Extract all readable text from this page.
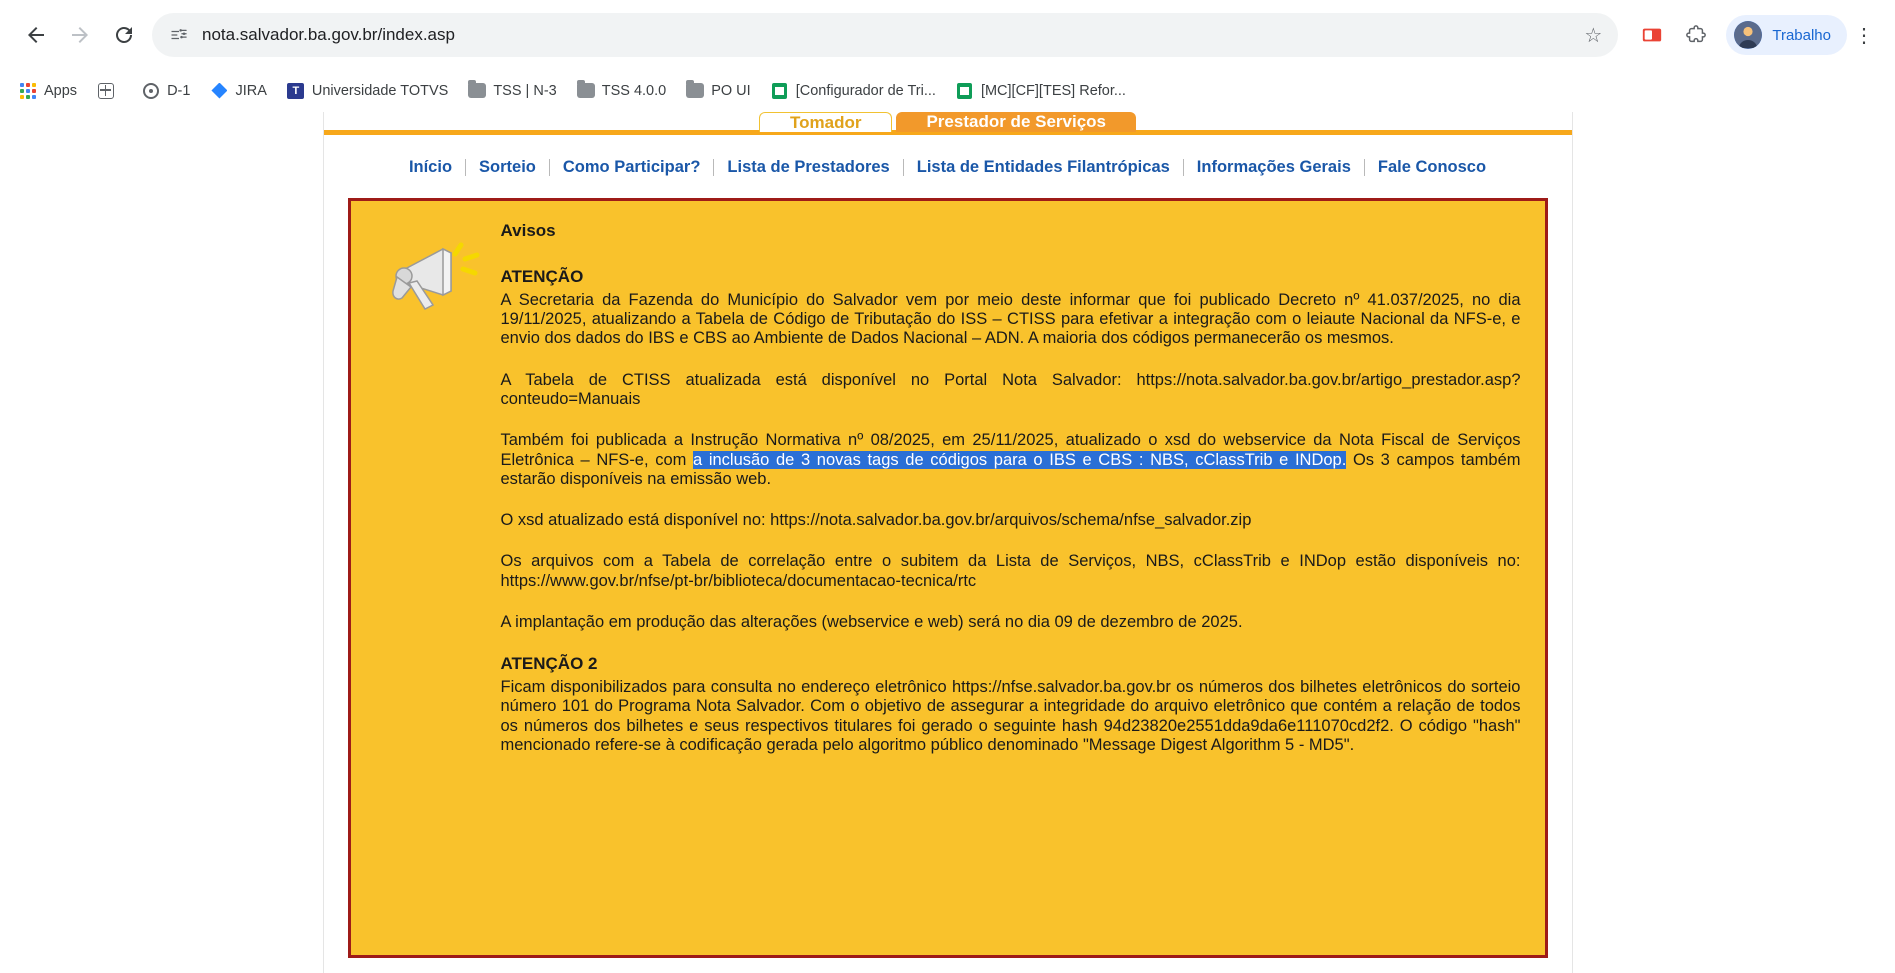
nota.salvador.ba.gov.br/index.asp	☆	Trabalho	⋮
Apps	D-1	JIRA	T Universidade TOTVS	TSS | N-3	TSS 4.0.0	PO UI	[Configurador de Tri...	[MC][CF][TES] Refor...
Tomador	Prestador de Serviços
Início	Sorteio	Como Participar?	Lista de Prestadores	Lista de Entidades Filantrópicas	Informações Gerais	Fale Conosco
Avisos
ATENÇÃO

A Secretaria da Fazenda do Município do Salvador vem por meio deste informar que foi publicado Decreto nº 41.037/2025, no dia 19/11/2025, atualizando a Tabela de Código de Tributação do ISS – CTISS para efetivar a integração com o leiaute Nacional da NFS-e, e envio dos dados do IBS e CBS ao Ambiente de Dados Nacional – ADN. A maioria dos códigos permanecerão os mesmos.

A Tabela de CTISS atualizada está disponível no Portal Nota Salvador: https://nota.salvador.ba.gov.br/artigo_prestador.asp?conteudo=Manuais

Também foi publicada a Instrução Normativa nº 08/2025, em 25/11/2025, atualizado o xsd do webservice da Nota Fiscal de Serviços Eletrônica – NFS-e, com a inclusão de 3 novas tags de códigos para o IBS e CBS : NBS, cClassTrib e INDop. Os 3 campos também estarão disponíveis na emissão web.

O xsd atualizado está disponível no: https://nota.salvador.ba.gov.br/arquivos/schema/nfse_salvador.zip

Os arquivos com a Tabela de correlação entre o subitem da Lista de Serviços, NBS, cClassTrib e INDop estão disponíveis no: https://www.gov.br/nfse/pt-br/biblioteca/documentacao-tecnica/rtc

A implantação em produção das alterações (webservice e web) será no dia 09 de dezembro de 2025.

ATENÇÃO 2

Ficam disponibilizados para consulta no endereço eletrônico https://nfse.salvador.ba.gov.br os números dos bilhetes eletrônicos do sorteio número 101 do Programa Nota Salvador. Com o objetivo de assegurar a integridade do arquivo eletrônico que contém a relação de todos os números dos bilhetes e seus respectivos titulares foi gerado o seguinte hash 94d23820e2551dda9da6e111070cd2f2. O código "hash" mencionado refere-se à codificação gerada pelo algoritmo público denominado "Message Digest Algorithm 5 - MD5".
